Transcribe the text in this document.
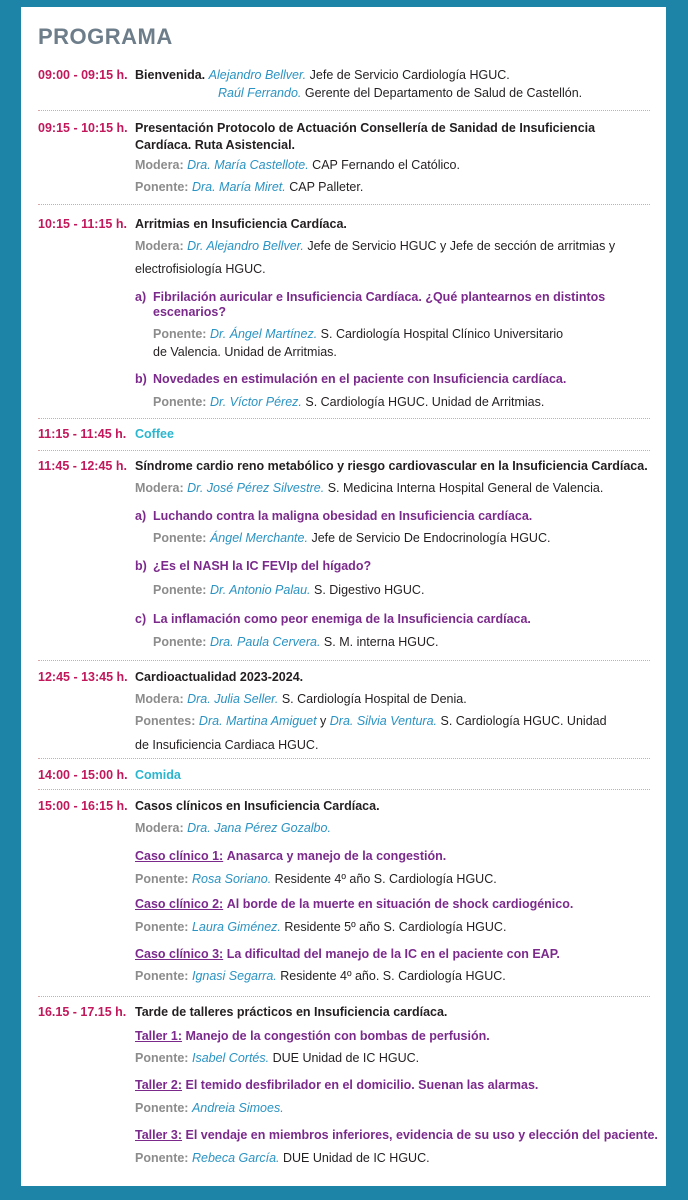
PROGRAMA
09:00 - 09:15 h. Bienvenida. Alejandro Bellver. Jefe de Servicio Cardiología HGUC.
Raúl Ferrando. Gerente del Departamento de Salud de Castellón.
09:15 - 10:15 h. Presentación Protocolo de Actuación Consellería de Sanidad de Insuficiencia
Cardíaca. Ruta Asistencial.
Modera: Dra. María Castellote. CAP Fernando el Católico.
Ponente: Dra. María Miret. CAP Palleter.
10:15 - 11:15 h. Arritmias en Insuficiencia Cardíaca.
Modera: Dr. Alejandro Bellver. Jefe de Servicio HGUC y Jefe de sección de arritmias y
electrofisiología HGUC.
a) Fibrilación auricular e Insuficiencia Cardíaca. ¿Qué plantearnos en distintos
escenarios?
Ponente: Dr. Ángel Martínez. S. Cardiología Hospital Clínico Universitario
de Valencia. Unidad de Arritmias.
b) Novedades en estimulación en el paciente con Insuficiencia cardíaca.
Ponente: Dr. Víctor Pérez. S. Cardiología HGUC. Unidad de Arritmias.
11:15 - 11:45 h. Coffee
11:45 - 12:45 h. Síndrome cardio reno metabólico y riesgo cardiovascular en la Insuficiencia Cardíaca.
Modera: Dr. José Pérez Silvestre. S. Medicina Interna Hospital General de Valencia.
a) Luchando contra la maligna obesidad en Insuficiencia cardíaca.
Ponente: Ángel Merchante. Jefe de Servicio De Endocrinología HGUC.
b) ¿Es el NASH la IC FEVIp del hígado?
Ponente: Dr. Antonio Palau. S. Digestivo HGUC.
c) La inflamación como peor enemiga de la Insuficiencia cardíaca.
Ponente: Dra. Paula Cervera. S. M. interna HGUC.
12:45 - 13:45 h. Cardioactualidad 2023-2024.
Modera: Dra. Julia Seller. S. Cardiología Hospital de Denia.
Ponentes: Dra. Martina Amiguet y Dra. Silvia Ventura. S. Cardiología HGUC. Unidad
de Insuficiencia Cardiaca HGUC.
14:00 - 15:00 h. Comida
15:00 - 16:15 h. Casos clínicos en Insuficiencia Cardíaca.
Modera: Dra. Jana Pérez Gozalbo.
Caso clínico 1: Anasarca y manejo de la congestión.
Ponente: Rosa Soriano. Residente 4º año S. Cardiología HGUC.
Caso clínico 2: Al borde de la muerte en situación de shock cardiogénico.
Ponente: Laura Giménez. Residente 5º año S. Cardiología HGUC.
Caso clínico 3: La dificultad del manejo de la IC en el paciente con EAP.
Ponente: Ignasi Segarra. Residente 4º año. S. Cardiología HGUC.
16.15 - 17.15 h. Tarde de talleres prácticos en Insuficiencia cardíaca.
Taller 1: Manejo de la congestión con bombas de perfusión.
Ponente: Isabel Cortés. DUE Unidad de IC HGUC.
Taller 2: El temido desfibrilador en el domicilio. Suenan las alarmas.
Ponente: Andreia Simoes.
Taller 3: El vendaje en miembros inferiores, evidencia de su uso y elección del paciente.
Ponente: Rebeca García. DUE Unidad de IC HGUC.
